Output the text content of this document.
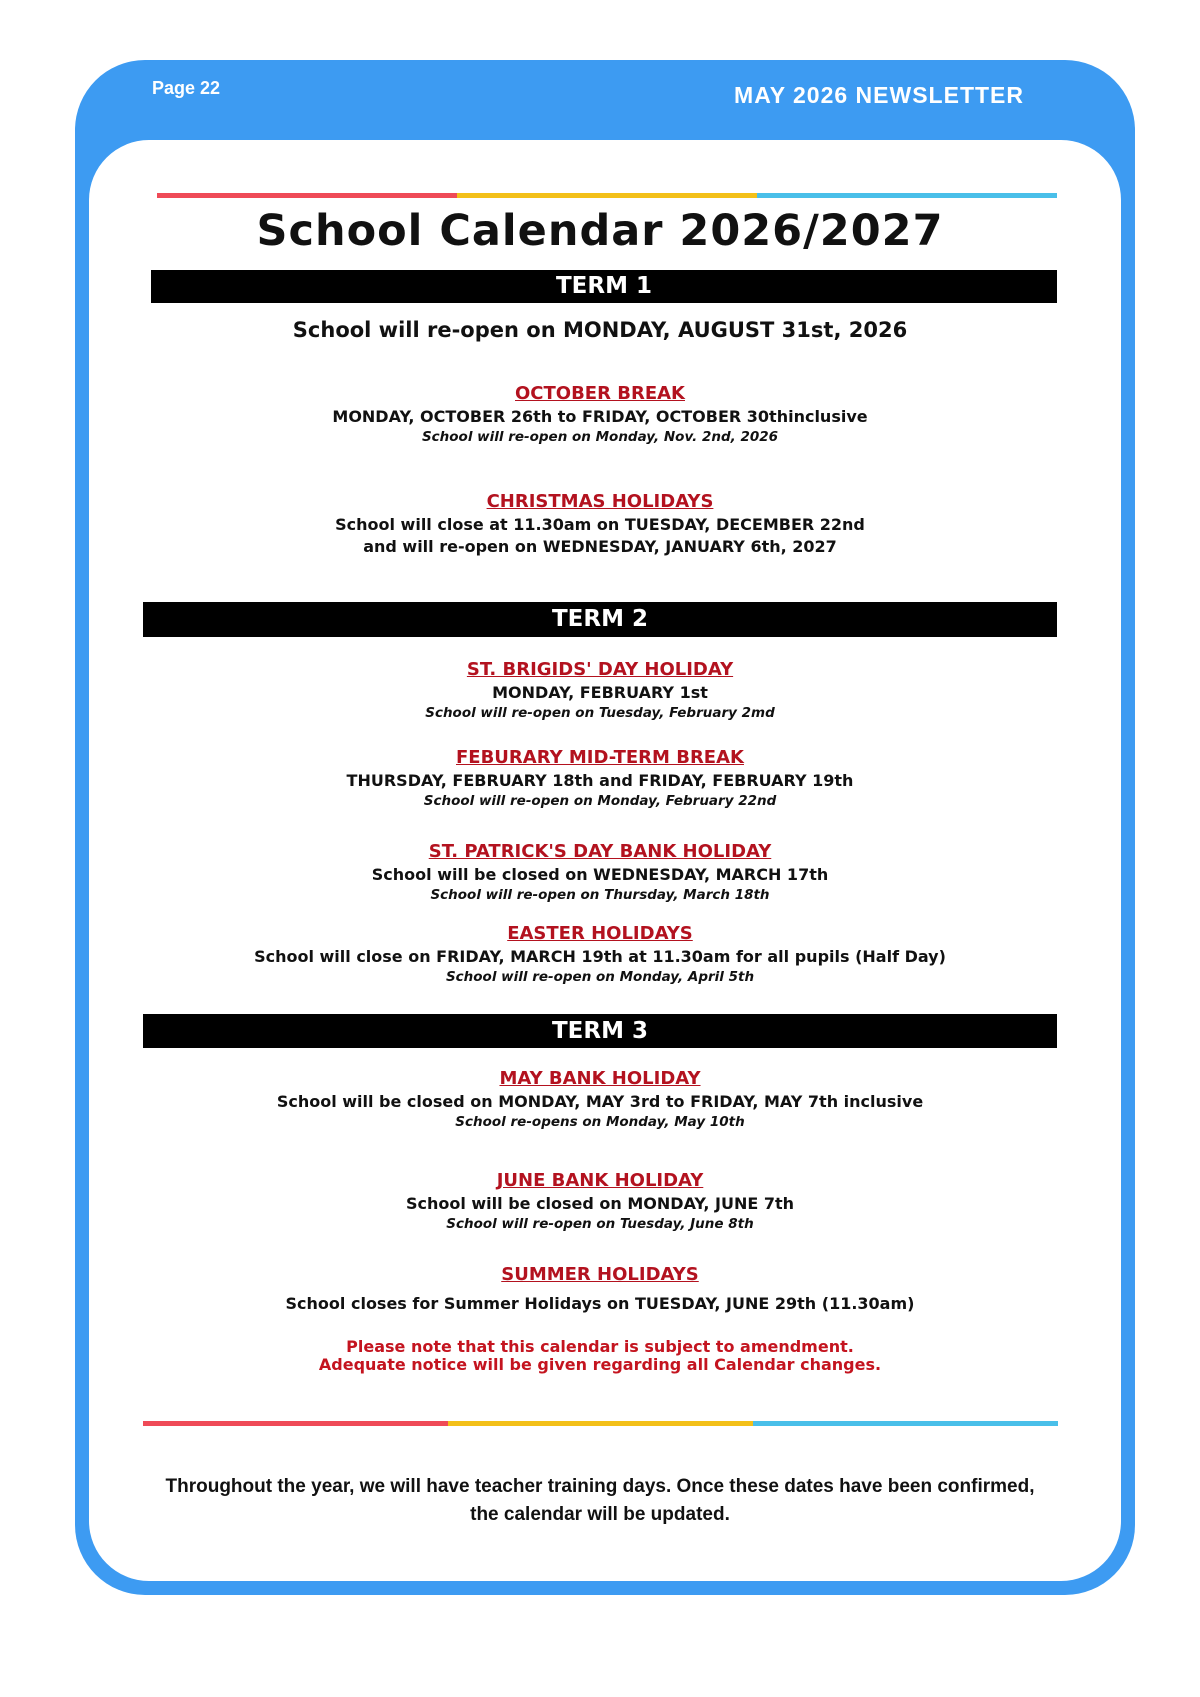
Page 22	MAY 2026 NEWSLETTER
School Calendar 2026/2027
TERM 1
School will re-open on MONDAY, AUGUST 31st, 2026
OCTOBER BREAK
MONDAY, OCTOBER 26th to FRIDAY, OCTOBER 30thinclusive
School will re-open on Monday, Nov. 2nd, 2026
CHRISTMAS HOLIDAYS
School will close at 11.30am on TUESDAY, DECEMBER 22nd
and will re-open on WEDNESDAY, JANUARY 6th, 2027
TERM 2
ST. BRIGIDS' DAY HOLIDAY
MONDAY, FEBRUARY 1st
School will re-open on Tuesday, February 2md
FEBURARY MID-TERM BREAK
THURSDAY, FEBRUARY 18th and FRIDAY, FEBRUARY 19th
School will re-open on Monday, February 22nd
ST. PATRICK'S DAY BANK HOLIDAY
School will be closed on WEDNESDAY, MARCH 17th
School will re-open on Thursday, March 18th
EASTER HOLIDAYS
School will close on FRIDAY, MARCH 19th at 11.30am for all pupils (Half Day)
School will re-open on Monday, April 5th
TERM 3
MAY BANK HOLIDAY
School will be closed on MONDAY, MAY 3rd to FRIDAY, MAY 7th inclusive
School re-opens on Monday, May 10th
JUNE BANK HOLIDAY
School will be closed on MONDAY, JUNE 7th
School will re-open on Tuesday, June 8th
SUMMER HOLIDAYS
School closes for Summer Holidays on TUESDAY, JUNE 29th (11.30am)
Please note that this calendar is subject to amendment.
Adequate notice will be given regarding all Calendar changes.
Throughout the year, we will have teacher training days. Once these dates have been confirmed,
the calendar will be updated.
